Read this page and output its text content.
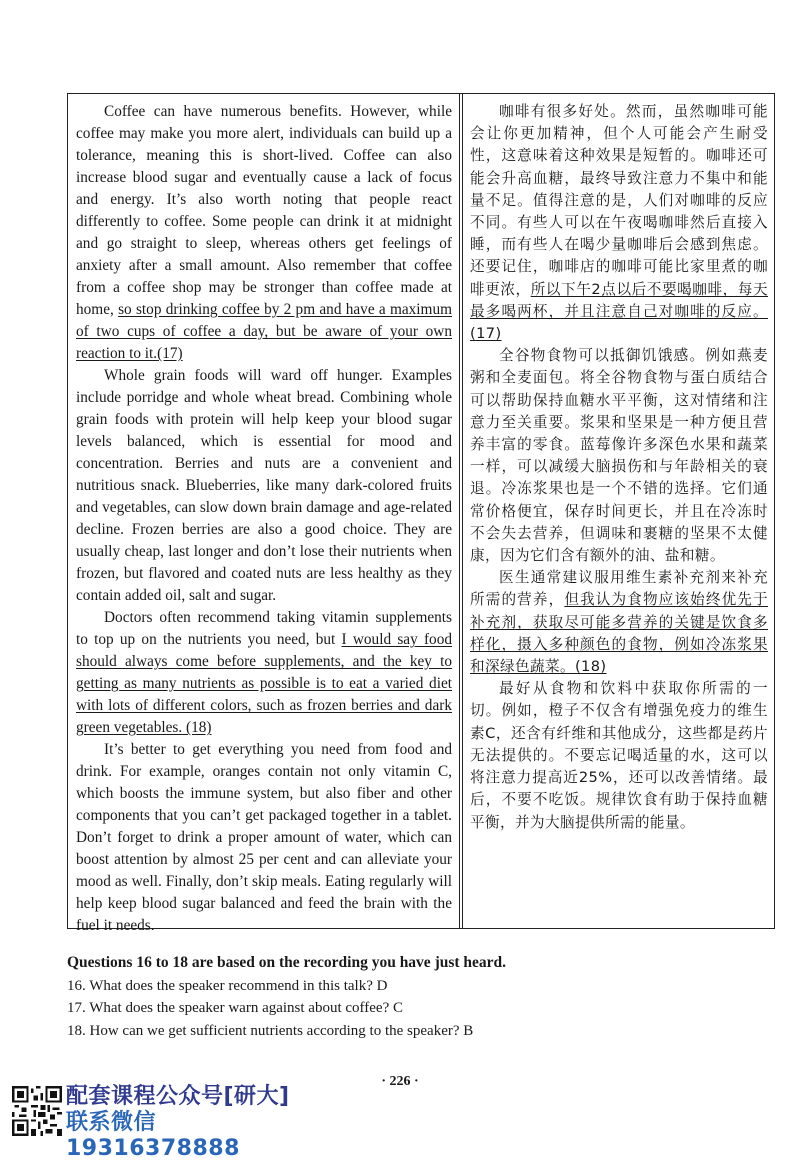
Coffee can have numerous benefits. However, while coffee may make you more alert, individuals can build up a tolerance, meaning this is short-lived. Coffee can also increase blood sugar and eventually cause a lack of focus and energy. It’s also worth noting that people react differently to coffee. Some people can drink it at midnight and go straight to sleep, whereas others get feelings of anxiety after a small amount. Also remember that coffee from a coffee shop may be stronger than coffee made at home, so stop drinking coffee by 2 pm and have a maximum of two cups of coffee a day, but be aware of your own reaction to it.(17)

Whole grain foods will ward off hunger. Examples include porridge and whole wheat bread. Combining whole grain foods with protein will help keep your blood sugar levels balanced, which is essential for mood and concentration. Berries and nuts are a convenient and nutritious snack. Blueberries, like many dark-colored fruits and vegetables, can slow down brain damage and age-related decline. Frozen berries are also a good choice. They are usually cheap, last longer and don’t lose their nutrients when frozen, but flavored and coated nuts are less healthy as they contain added oil, salt and sugar.

Doctors often recommend taking vitamin supplements to top up on the nutrients you need, but I would say food should always come before supplements, and the key to getting as many nutrients as possible is to eat a varied diet with lots of different colors, such as frozen berries and dark green vegetables. (18)

It’s better to get everything you need from food and drink. For example, oranges contain not only vitamin C, which boosts the immune system, but also fiber and other components that you can’t get packaged together in a tablet. Don’t forget to drink a proper amount of water, which can boost attention by almost 25 per cent and can alleviate your mood as well. Finally, don’t skip meals. Eating regularly will help keep blood sugar balanced and feed the brain with the fuel it needs.

咖啡有很多好处。然而，虽然咖啡可能会让你更加精神，但个人可能会产生耐受性，这意味着这种效果是短暂的。咖啡还可能会升高血糖，最终导致注意力不集中和能量不足。值得注意的是，人们对咖啡的反应不同。有些人可以在午夜喝咖啡然后直接入睡，而有些人在喝少量咖啡后会感到焦虑。还要记住，咖啡店的咖啡可能比家里煮的咖啡更浓，所以下午2点以后不要喝咖啡，每天最多喝两杯，并且注意自己对咖啡的反应。(17)

全谷物食物可以抵御饥饿感。例如燕麦粥和全麦面包。将全谷物食物与蛋白质结合可以帮助保持血糖水平平衡，这对情绪和注意力至关重要。浆果和坚果是一种方便且营养丰富的零食。蓝莓像许多深色水果和蔬菜一样，可以减缓大脑损伤和与年龄相关的衰退。冷冻浆果也是一个不错的选择。它们通常价格便宜，保存时间更长，并且在冷冻时不会失去营养，但调味和裹糖的坚果不太健康，因为它们含有额外的油、盐和糖。

医生通常建议服用维生素补充剂来补充所需的营养，但我认为食物应该始终优先于补充剂，获取尽可能多营养的关键是饮食多样化，摄入多种颜色的食物，例如冷冻浆果和深绿色蔬菜。(18)

最好从食物和饮料中获取你所需的一切。例如，橙子不仅含有增强免疫力的维生素C，还含有纤维和其他成分，这些都是药片无法提供的。不要忘记喝适量的水，这可以将注意力提高近25%，还可以改善情绪。最后，不要不吃饭。规律饮食有助于保持血糖平衡，并为大脑提供所需的能量。

Questions 16 to 18 are based on the recording you have just heard.
16. What does the speaker recommend in this talk? D
17. What does the speaker warn against about coffee? C
18. How can we get sufficient nutrients according to the speaker? B
· 226 ·
配套课程公众号[研大]
联系微信19316378888
